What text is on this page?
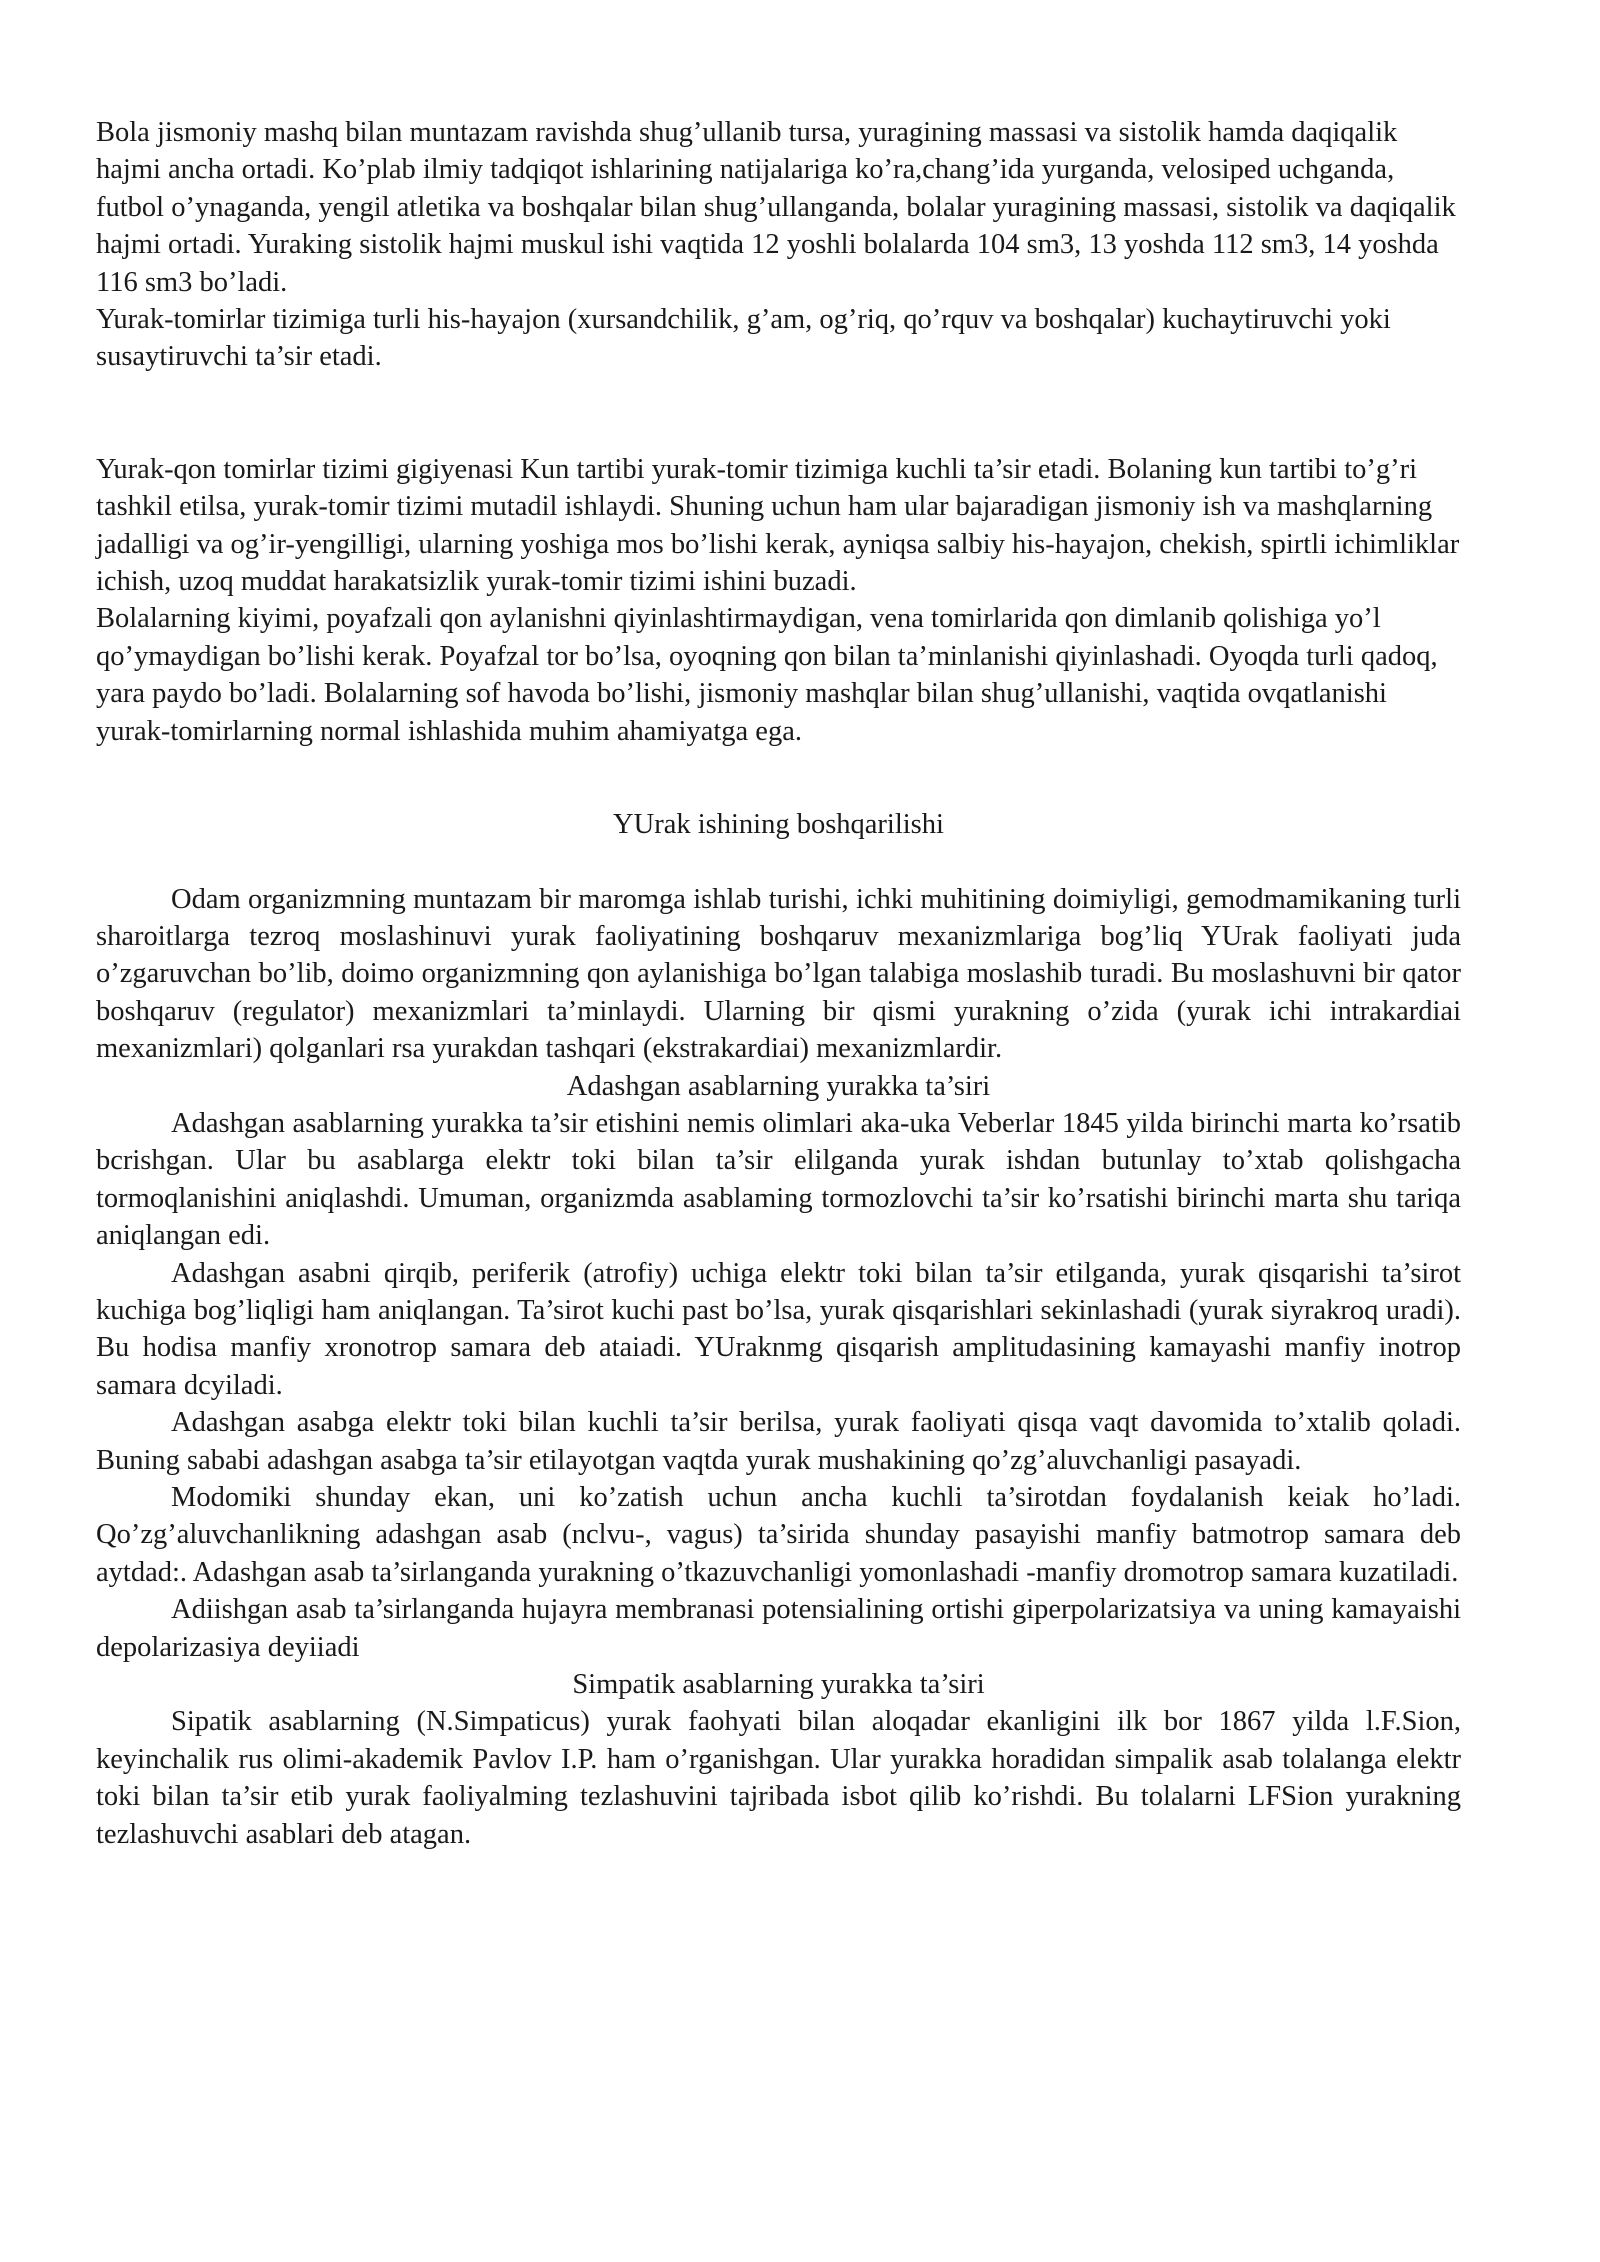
Bola jismoniy mashq bilan muntazam ravishda shug’ullanib tursa, yuragining massasi va sistolik hamda daqiqalik hajmi ancha ortadi. Ko’plab ilmiy tadqiqot ishlarining natijalariga ko’ra,chang’ida yurganda, velosiped uchganda, futbol o’ynaganda, yengil atletika va boshqalar bilan shug’ullanganda, bolalar yuragining massasi, sistolik va daqiqalik hajmi ortadi. Yuraking sistolik hajmi muskul ishi vaqtida 12 yoshli bolalarda 104 sm3, 13 yoshda 112 sm3, 14 yoshda 116 sm3 bo’ladi.

Yurak-tomirlar tizimiga turli his-hayajon (xursandchilik, g’am, og’riq, qo’rquv va boshqalar) kuchaytiruvchi yoki susaytiruvchi ta’sir etadi.

Yurak-qon tomirlar tizimi gigiyenasi Kun tartibi yurak-tomir tizimiga kuchli ta’sir etadi. Bolaning kun tartibi to’g’ri tashkil etilsa, yurak-tomir tizimi mutadil ishlaydi. Shuning uchun ham ular bajaradigan jismoniy ish va mashqlarning jadalligi va og’ir-yengilligi, ularning yoshiga mos bo’lishi kerak, ayniqsa salbiy his-hayajon, chekish, spirtli ichimliklar ichish, uzoq muddat harakatsizlik yurak-tomir tizimi ishini buzadi.

Bolalarning kiyimi, poyafzali qon aylanishni qiyinlashtirmaydigan, vena tomirlarida qon dimlanib qolishiga yo’l qo’ymaydigan bo’lishi kerak. Poyafzal tor bo’lsa, oyoqning qon bilan ta’minlanishi qiyinlashadi. Oyoqda turli qadoq, yara paydo bo’ladi. Bolalarning sof havoda bo’lishi, jismoniy mashqlar bilan shug’ullanishi, vaqtida ovqatlanishi yurak-tomirlarning normal ishlashida muhim ahamiyatga ega.

YUrak ishining boshqarilishi

Odam organizmning muntazam bir maromga ishlab turishi, ichki muhitining doimiyligi, gemodmamikaning turli sharoitlarga tezroq moslashinuvi yurak faoliyatining boshqaruv mexanizmlariga bog’liq YUrak faoliyati juda o’zgaruvchan bo’lib, doimo organizmning qon aylanishiga bo’lgan talabiga moslashib turadi. Bu moslashuvni bir qator boshqaruv (regulator) mexanizmlari ta’minlaydi. Ularning bir qismi yurakning o’zida (yurak ichi intrakardiai mexanizmlari) qolganlari rsa yurakdan tashqari (ekstrakardiai) mexanizmlardir.

Adashgan asablarning yurakka ta’siri

Adashgan asablarning yurakka ta’sir etishini nemis olimlari aka-uka Veberlar 1845 yilda birinchi marta ko’rsatib bcrishgan. Ular bu asablarga elektr toki bilan ta’sir elilganda yurak ishdan butunlay to’xtab qolishgacha tormoqlanishini aniqlashdi. Umuman, organizmda asablaming tormozlovchi ta’sir ko’rsatishi birinchi marta shu tariqa aniqlangan edi.

Adashgan asabni qirqib, periferik (atrofiy) uchiga elektr toki bilan ta’sir etilganda, yurak qisqarishi ta’sirot kuchiga bog’liqligi ham aniqlangan. Ta’sirot kuchi past bo’lsa, yurak qisqarishlari sekinlashadi (yurak siyrakroq uradi). Bu hodisa manfiy xronotrop samara deb ataiadi. YUraknmg qisqarish amplitudasining kamayashi manfiy inotrop samara dcyiladi.

Adashgan asabga elektr toki bilan kuchli ta’sir berilsa, yurak faoliyati qisqa vaqt davomida to’xtalib qoladi. Buning sababi adashgan asabga ta’sir etilayotgan vaqtda yurak mushakining qo’zg’aluvchanligi pasayadi.

Modomiki shunday ekan, uni ko’zatish uchun ancha kuchli ta’sirotdan foydalanish keiak ho’ladi. Qo’zg’aluvchanlikning adashgan asab (nclvu-, vagus) ta’sirida shunday pasayishi manfiy batmotrop samara deb aytdad:. Adashgan asab ta’sirlanganda yurakning o’tkazuvchanligi yomonlashadi -manfiy dromotrop samara kuzatiladi.

Adiishgan asab ta’sirlanganda hujayra membranasi potensialining ortishi giperpolarizatsiya va uning kamayaishi depolarizasiya deyiiadi

Simpatik asablarning yurakka ta’siri

Sipatik asablarning (N.Simpaticus) yurak faohyati bilan aloqadar ekanligini ilk bor 1867 yilda l.F.Sion, keyinchalik rus olimi-akademik Pavlov I.P. ham o’rganishgan. Ular yurakka horadidan simpalik asab tolalanga elektr toki bilan ta’sir etib yurak faoliyalming tezlashuvini tajribada isbot qilib ko’rishdi. Bu tolalarni LFSion yurakning tezlashuvchi asablari deb atagan.
